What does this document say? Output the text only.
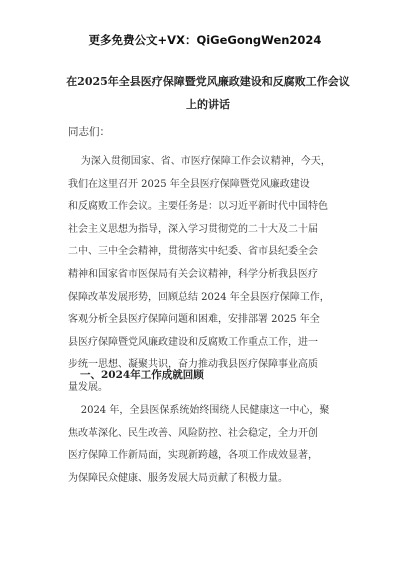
更多免费公文+VX：QiGeGongWen2024
在2025年全县医疗保障暨党风廉政建设和反腐败工作会议
上的讲话
同志们：
为深入贯彻国家、省、市医疗保障工作会议精神，今天，
我们在这里召开 2025 年全县医疗保障暨党风廉政建设
和反腐败工作会议。主要任务是：以习近平新时代中国特色
社会主义思想为指导，深入学习贯彻党的二十大及二十届
二中、三中全会精神，贯彻落实中纪委、省市县纪委全会
精神和国家省市医保局有关会议精神，科学分析我县医疗
保障改革发展形势，回顾总结 2024 年全县医疗保障工作，
客观分析全县医疗保障问题和困难，安排部署 2025 年全
县医疗保障暨党风廉政建设和反腐败工作重点工作，进一
步统一思想、凝聚共识，奋力推动我县医疗保障事业高质
量发展。
一、2024年工作成就回顾
2024 年，全县医保系统始终围绕人民健康这一中心，聚
焦改革深化、民生改善、风险防控、社会稳定，全力开创
医疗保障工作新局面，实现新跨越，各项工作成效显著，
为保障民众健康、服务发展大局贡献了积极力量。
